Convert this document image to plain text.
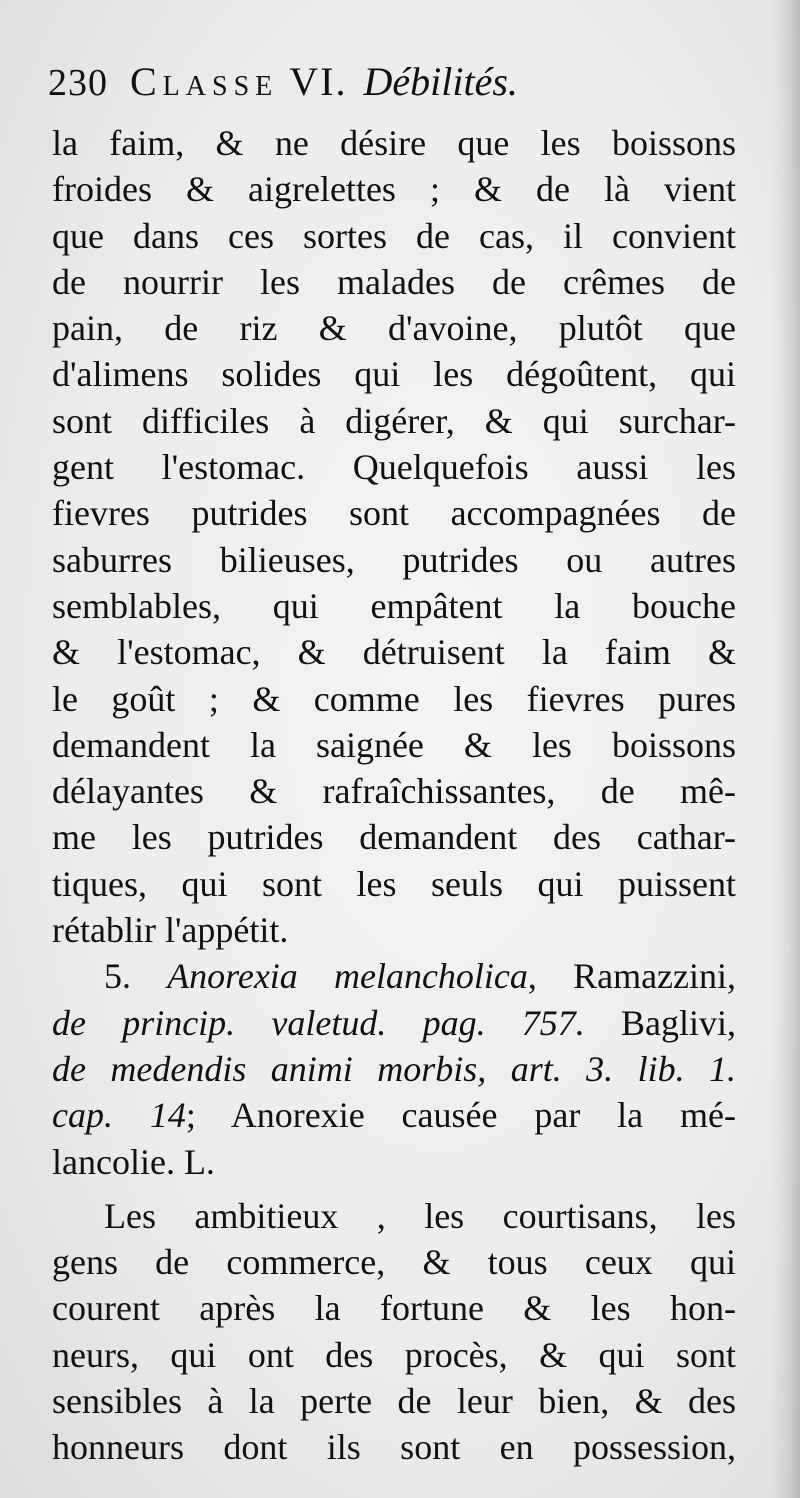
230 Classe VI. Débilités.
la faim, & ne désire que les boissons
froides & aigrelettes ; & de là vient
que dans ces sortes de cas, il convient
de nourrir les malades de crêmes de
pain, de riz & d'avoine, plutôt que
d'alimens solides qui les dégoûtent, qui
sont difficiles à digérer, & qui surchar-
gent l'estomac. Quelquefois aussi les
fievres putrides sont accompagnées de
saburres bilieuses, putrides ou autres
semblables, qui empâtent la bouche
& l'estomac, & détruisent la faim &
le goût ; & comme les fievres pures
demandent la saignée & les boissons
délayantes & rafraîchissantes, de mê-
me les putrides demandent des cathar-
tiques, qui sont les seuls qui puissent
rétablir l'appétit.
5. Anorexia melancholica, Ramazzini,
de princip. valetud. pag. 757. Baglivi,
de medendis animi morbis, art. 3. lib. 1.
cap. 14; Anorexie causée par la mé-
lancolie. L.
Les ambitieux , les courtisans, les
gens de commerce, & tous ceux qui
courent après la fortune & les hon-
neurs, qui ont des procès, & qui sont
sensibles à la perte de leur bien, & des
honneurs dont ils sont en possession,
